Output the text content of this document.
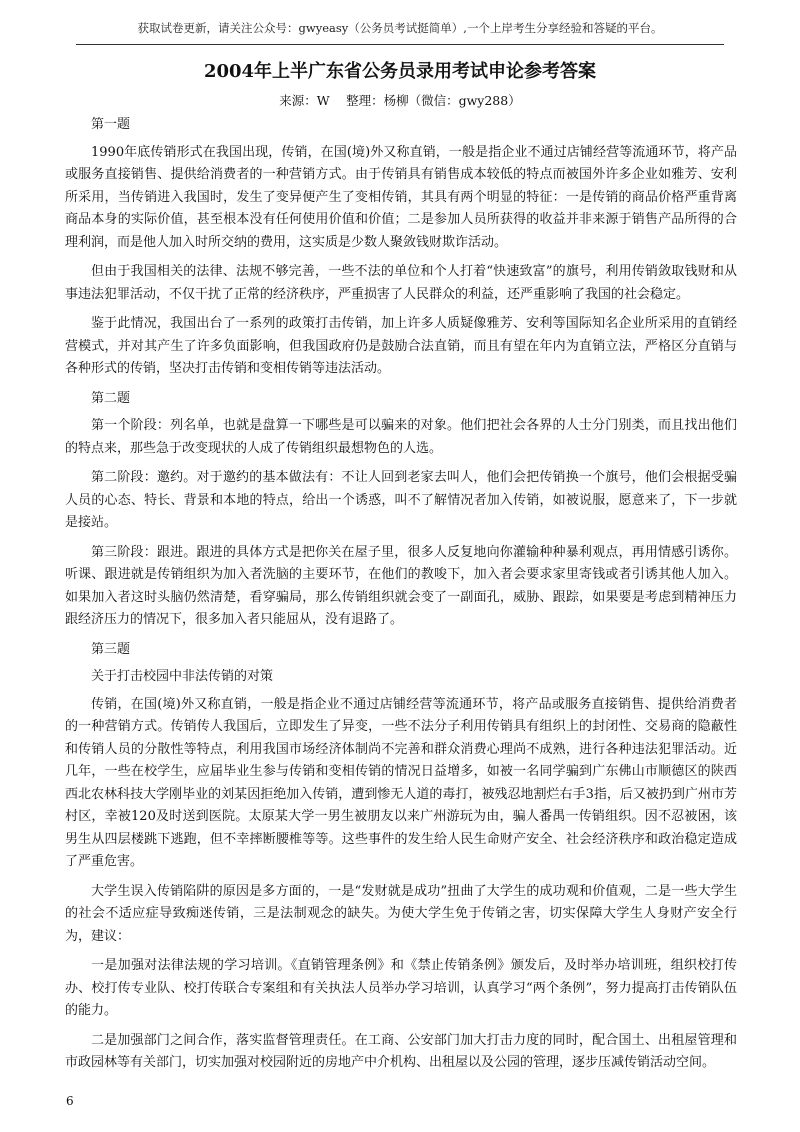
获取试卷更新，请关注公众号：gwyeasy（公务员考试挺简单）,一个上岸考生分享经验和答疑的平台。
2004年上半广东省公务员录用考试申论参考答案
来源：W　 整理：杨柳（微信：gwy288）

第一题

1990年底传销形式在我国出现，传销，在国(境)外又称直销，一般是指企业不通过店铺经营等流通环节，将产品或服务直接销售、提供给消费者的一种营销方式。由于传销具有销售成本较低的特点而被国外许多企业如雅芳、安利所采用，当传销进入我国时，发生了变异便产生了变相传销，其具有两个明显的特征：一是传销的商品价格严重背离商品本身的实际价值，甚至根本没有任何使用价值和价值；二是参加人员所获得的收益并非来源于销售产品所得的合理利润，而是他人加入时所交纳的费用，这实质是少数人聚敛钱财欺诈活动。

但由于我国相关的法律、法规不够完善，一些不法的单位和个人打着“快速致富”的旗号，利用传销敛取钱财和从事违法犯罪活动，不仅干扰了正常的经济秩序，严重损害了人民群众的利益，还严重影响了我国的社会稳定。

鉴于此情况，我国出台了一系列的政策打击传销，加上许多人质疑像雅芳、安利等国际知名企业所采用的直销经营模式，并对其产生了许多负面影响，但我国政府仍是鼓励合法直销，而且有望在年内为直销立法，严格区分直销与各种形式的传销，坚决打击传销和变相传销等违法活动。

第二题

第一个阶段：列名单，也就是盘算一下哪些是可以骗来的对象。他们把社会各界的人士分门别类，而且找出他们的特点来，那些急于改变现状的人成了传销组织最想物色的人选。

第二阶段：邀约。对于邀约的基本做法有：不让人回到老家去叫人，他们会把传销换一个旗号，他们会根据受骗人员的心态、特长、背景和本地的特点，给出一个诱惑，叫不了解情况者加入传销，如被说服，愿意来了，下一步就是接站。

第三阶段：跟进。跟进的具体方式是把你关在屋子里，很多人反复地向你灌输种种暴利观点，再用情感引诱你。听课、跟进就是传销组织为加入者洗脑的主要环节，在他们的教唆下，加入者会要求家里寄钱或者引诱其他人加入。如果加入者这时头脑仍然清楚，看穿骗局，那么传销组织就会变了一副面孔，威胁、跟踪，如果要是考虑到精神压力跟经济压力的情况下，很多加入者只能屈从，没有退路了。

第三题

关于打击校园中非法传销的对策

传销，在国(境)外又称直销，一般是指企业不通过店铺经营等流通环节，将产品或服务直接销售、提供给消费者的一种营销方式。传销传人我国后，立即发生了异变，一些不法分子利用传销具有组织上的封闭性、交易商的隐蔽性和传销人员的分散性等特点，利用我国市场经济体制尚不完善和群众消费心理尚不成熟，进行各种违法犯罪活动。近几年，一些在校学生，应届毕业生参与传销和变相传销的情况日益增多，如被一名同学骗到广东佛山市顺德区的陕西西北农林科技大学刚毕业的刘某因拒绝加入传销，遭到惨无人道的毒打，被残忍地割烂右手3指，后又被扔到广州市芳村区，幸被120及时送到医院。太原某大学一男生被朋友以来广州游玩为由，骗人番禺一传销组织。因不忍被困，该男生从四层楼跳下逃跑，但不幸摔断腰椎等等。这些事件的发生给人民生命财产安全、社会经济秩序和政治稳定造成了严重危害。

大学生误入传销陷阱的原因是多方面的，一是“发财就是成功”扭曲了大学生的成功观和价值观，二是一些大学生的社会不适应症导致痴迷传销，三是法制观念的缺失。为使大学生免于传销之害，切实保障大学生人身财产安全行为，建议：

一是加强对法律法规的学习培训。《直销管理条例》和《禁止传销条例》颁发后，及时举办培训班，组织校打传办、校打传专业队、校打传联合专案组和有关执法人员举办学习培训，认真学习“两个条例”，努力提高打击传销队伍的能力。

二是加强部门之间合作，落实监督管理责任。在工商、公安部门加大打击力度的同时，配合国土、出租屋管理和市政园林等有关部门，切实加强对校园附近的房地产中介机构、出租屋以及公园的管理，逐步压减传销活动空间。

6
